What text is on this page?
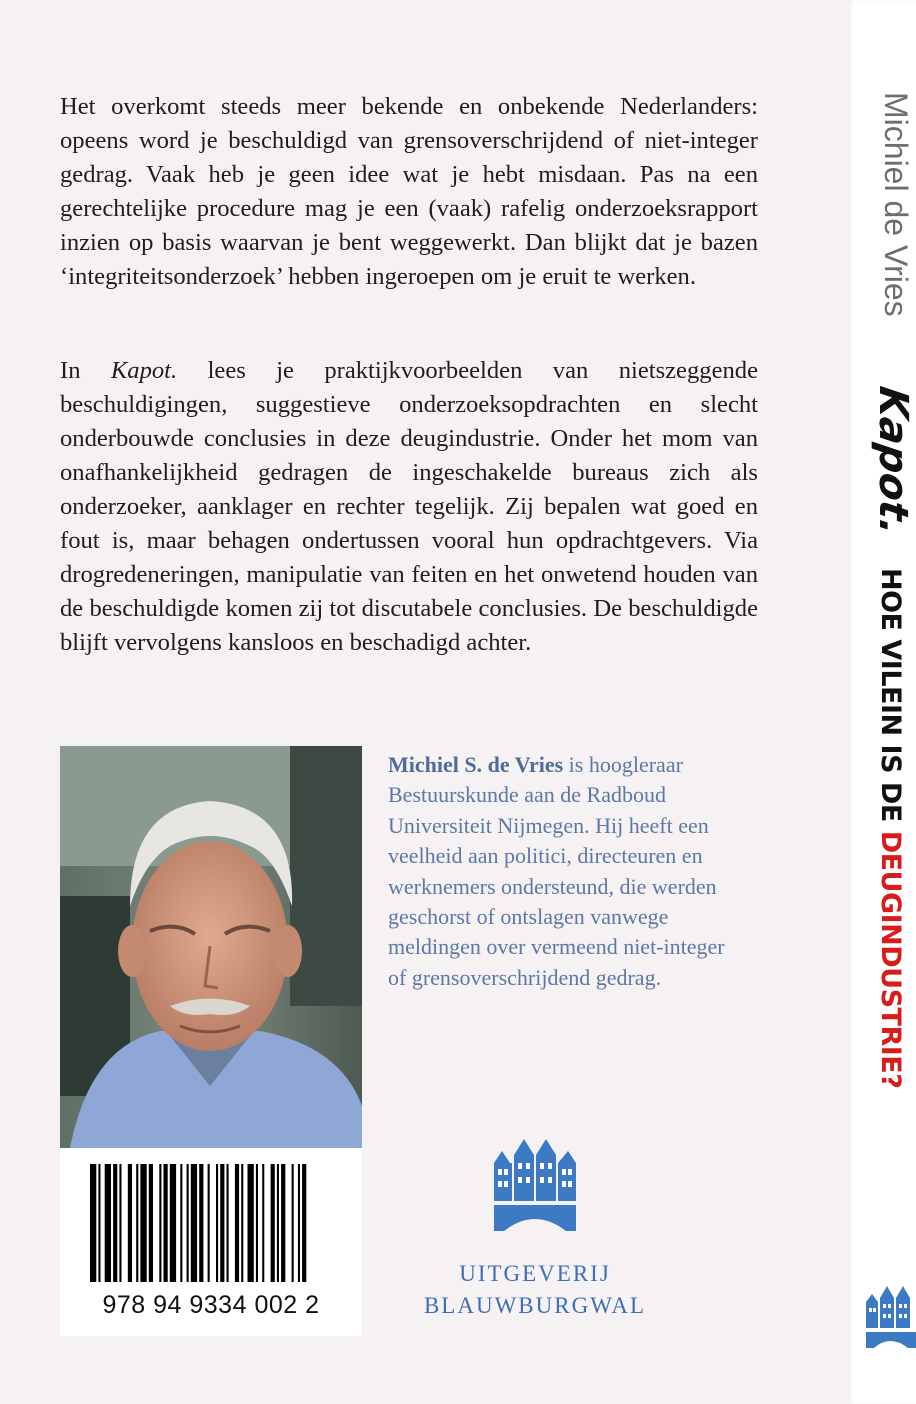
Het overkomt steeds meer bekende en onbekende Nederlanders: opeens word je beschuldigd van grensoverschrijdend of niet-integer gedrag. Vaak heb je geen idee wat je hebt misdaan. Pas na een gerechtelijke procedure mag je een (vaak) rafelig onderzoeksrapport inzien op basis waarvan je bent weggewerkt. Dan blijkt dat je bazen ‘integriteitsonderzoek’ hebben ingeroepen om je eruit te werken.

In Kapot. lees je praktijkvoorbeelden van nietszeggende beschuldigingen, suggestieve onderzoeksopdrachten en slecht onderbouwde conclusies in deze deugindustrie. Onder het mom van onafhankelijkheid gedragen de ingeschakelde bureaus zich als onderzoeker, aanklager en rechter tegelijk. Zij bepalen wat goed en fout is, maar behagen ondertussen vooral hun opdrachtgevers. Via drogredeneringen, manipulatie van feiten en het onwetend houden van de beschuldigde komen zij tot discutabele conclusies. De beschuldigde blijft vervolgens kansloos en beschadigd achter.

Michiel S. de Vries is hoogleraar Bestuurskunde aan de Radboud Universiteit Nijmegen. Hij heeft een veelheid aan politici, directeuren en werknemers ondersteund, die werden geschorst of ontslagen vanwege meldingen over vermeend niet-integer of grensoverschrijdend gedrag.
978 94 9334 002 2
UITGEVERIJ
BLAUWBURGWAL
Michiel de Vries
Kapot.
HOE VILEIN IS DE DEUGINDUSTRIE?
